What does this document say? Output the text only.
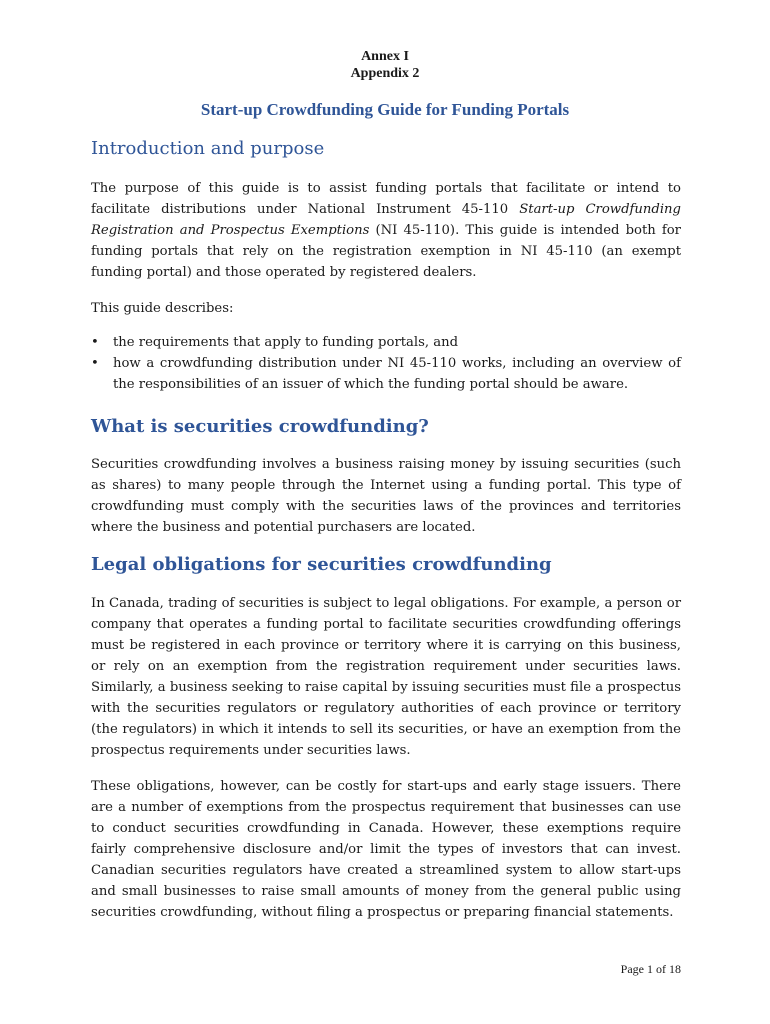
Annex I
Appendix 2
Start-up Crowdfunding Guide for Funding Portals
Introduction and purpose
The purpose of this guide is to assist funding portals that facilitate or intend to facilitate distributions under National Instrument 45-110 Start-up Crowdfunding Registration and Prospectus Exemptions (NI 45-110). This guide is intended both for funding portals that rely on the registration exemption in NI 45-110 (an exempt funding portal) and those operated by registered dealers.
This guide describes:
• the requirements that apply to funding portals, and
• how a crowdfunding distribution under NI 45-110 works, including an overview of the responsibilities of an issuer of which the funding portal should be aware.
What is securities crowdfunding?
Securities crowdfunding involves a business raising money by issuing securities (such as shares) to many people through the Internet using a funding portal. This type of crowdfunding must comply with the securities laws of the provinces and territories where the business and potential purchasers are located.
Legal obligations for securities crowdfunding
In Canada, trading of securities is subject to legal obligations. For example, a person or company that operates a funding portal to facilitate securities crowdfunding offerings must be registered in each province or territory where it is carrying on this business, or rely on an exemption from the registration requirement under securities laws. Similarly, a business seeking to raise capital by issuing securities must file a prospectus with the securities regulators or regulatory authorities of each province or territory (the regulators) in which it intends to sell its securities, or have an exemption from the prospectus requirements under securities laws.
These obligations, however, can be costly for start-ups and early stage issuers. There are a number of exemptions from the prospectus requirement that businesses can use to conduct securities crowdfunding in Canada. However, these exemptions require fairly comprehensive disclosure and/or limit the types of investors that can invest. Canadian securities regulators have created a streamlined system to allow start-ups and small businesses to raise small amounts of money from the general public using securities crowdfunding, without filing a prospectus or preparing financial statements.
Page 1 of 18
